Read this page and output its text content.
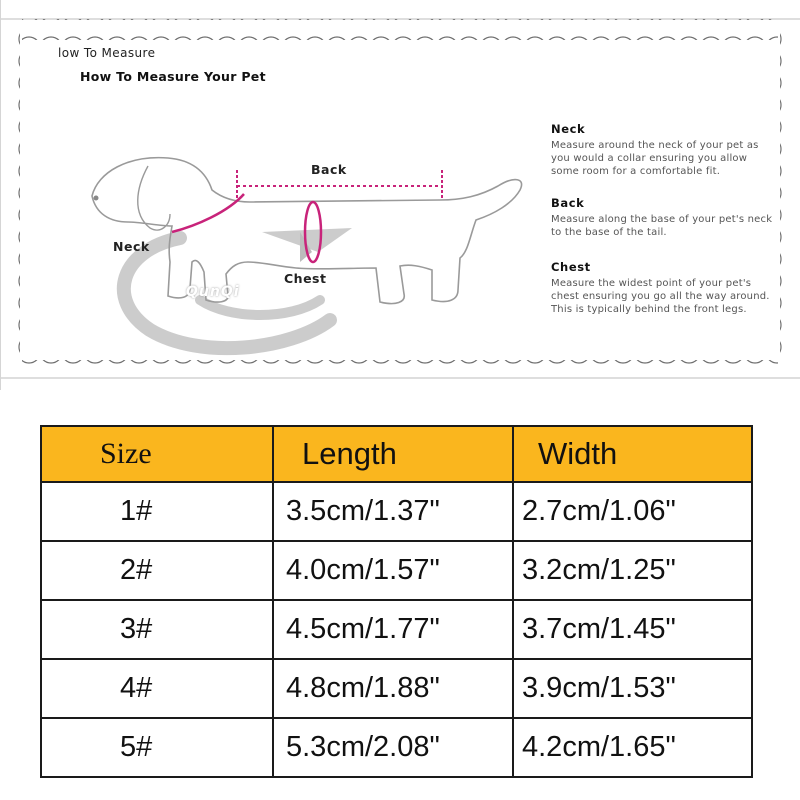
low To Measure
How To Measure Your Pet
Back
Neck
Chest
QunQi
Neck
Measure around the neck of your pet as you would a collar ensuring you allow some room for a comfortable fit.
Back
Measure along the base of your pet's neck to the base of the tail.
Chest
Measure the widest point of your pet's chest ensuring you go all the way around. This is typically behind the front legs.
Size	Length	Width
1#	3.5cm/1.37"	2.7cm/1.06"
2#	4.0cm/1.57"	3.2cm/1.25"
3#	4.5cm/1.77"	3.7cm/1.45"
4#	4.8cm/1.88"	3.9cm/1.53"
5#	5.3cm/2.08"	4.2cm/1.65"
